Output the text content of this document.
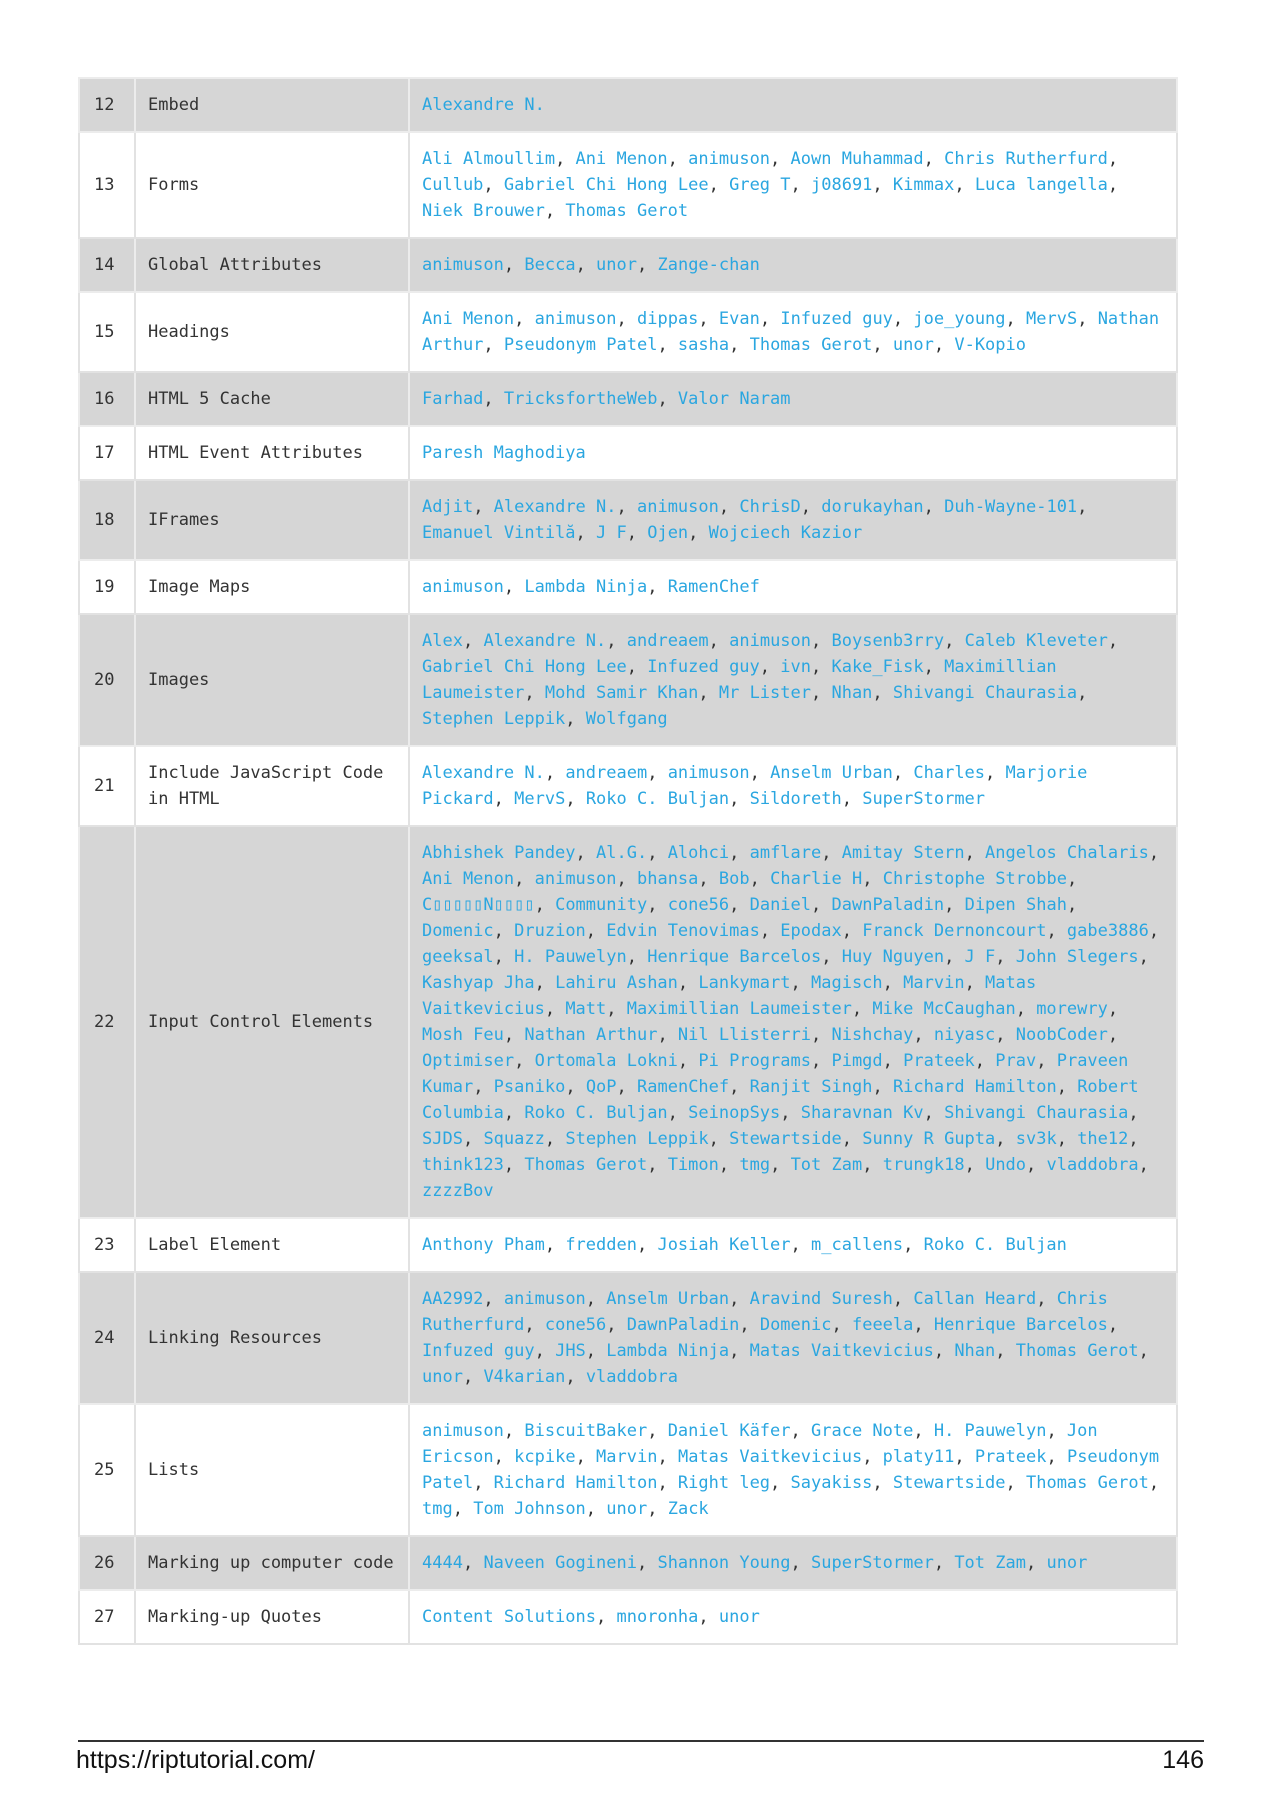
12	Embed	Alexandre N.
13	Forms	Ali Almoullim, Ani Menon, animuson, Aown Muhammad, Chris Rutherfurd, Cullub, Gabriel Chi Hong Lee, Greg T, j08691, Kimmax, Luca langella, Niek Brouwer, Thomas Gerot
14	Global Attributes	animuson, Becca, unor, Zange-chan
15	Headings	Ani Menon, animuson, dippas, Evan, Infuzed guy, joe_young, MervS, Nathan Arthur, Pseudonym Patel, sasha, Thomas Gerot, unor, V-Kopio
16	HTML 5 Cache	Farhad, TricksfortheWeb, Valor Naram
17	HTML Event Attributes	Paresh Maghodiya
18	IFrames	Adjit, Alexandre N., animuson, ChrisD, dorukayhan, Duh-Wayne-101, Emanuel Vintilă, J F, Ojen, Wojciech Kazior
19	Image Maps	animuson, Lambda Ninja, RamenChef
20	Images	Alex, Alexandre N., andreaem, animuson, Boysenb3rry, Caleb Kleveter, Gabriel Chi Hong Lee, Infuzed guy, ivn, Kake_Fisk, Maximillian Laumeister, Mohd Samir Khan, Mr Lister, Nhan, Shivangi Chaurasia, Stephen Leppik, Wolfgang
21	Include JavaScript Code in HTML	Alexandre N., andreaem, animuson, Anselm Urban, Charles, Marjorie Pickard, MervS, Roko C. Buljan, Sildoreth, SuperStormer
22	Input Control Elements	Abhishek Pandey, Al.G., Alohci, amflare, Amitay Stern, Angelos Chalaris, Ani Menon, animuson, bhansa, Bob, Charlie H, Christophe Strobbe, C▯▯▯▯▯N▯▯▯▯, Community, cone56, Daniel, DawnPaladin, Dipen Shah, Domenic, Druzion, Edvin Tenovimas, Epodax, Franck Dernoncourt, gabe3886, geeksal, H. Pauwelyn, Henrique Barcelos, Huy Nguyen, J F, John Slegers, Kashyap Jha, Lahiru Ashan, Lankymart, Magisch, Marvin, Matas Vaitkevicius, Matt, Maximillian Laumeister, Mike McCaughan, morewry, Mosh Feu, Nathan Arthur, Nil Llisterri, Nishchay, niyasc, NoobCoder, Optimiser, Ortomala Lokni, Pi Programs, Pimgd, Prateek, Prav, Praveen Kumar, Psaniko, QoP, RamenChef, Ranjit Singh, Richard Hamilton, Robert Columbia, Roko C. Buljan, SeinopSys, Sharavnan Kv, Shivangi Chaurasia, SJDS, Squazz, Stephen Leppik, Stewartside, Sunny R Gupta, sv3k, the12, think123, Thomas Gerot, Timon, tmg, Tot Zam, trungk18, Undo, vladdobra, zzzzBov
23	Label Element	Anthony Pham, fredden, Josiah Keller, m_callens, Roko C. Buljan
24	Linking Resources	AA2992, animuson, Anselm Urban, Aravind Suresh, Callan Heard, Chris Rutherfurd, cone56, DawnPaladin, Domenic, feeela, Henrique Barcelos, Infuzed guy, JHS, Lambda Ninja, Matas Vaitkevicius, Nhan, Thomas Gerot, unor, V4karian, vladdobra
25	Lists	animuson, BiscuitBaker, Daniel Käfer, Grace Note, H. Pauwelyn, Jon Ericson, kcpike, Marvin, Matas Vaitkevicius, platy11, Prateek, Pseudonym Patel, Richard Hamilton, Right leg, Sayakiss, Stewartside, Thomas Gerot, tmg, Tom Johnson, unor, Zack
26	Marking up computer code	4444, Naveen Gogineni, Shannon Young, SuperStormer, Tot Zam, unor
27	Marking-up Quotes	Content Solutions, mnoronha, unor
https://riptutorial.com/	146
